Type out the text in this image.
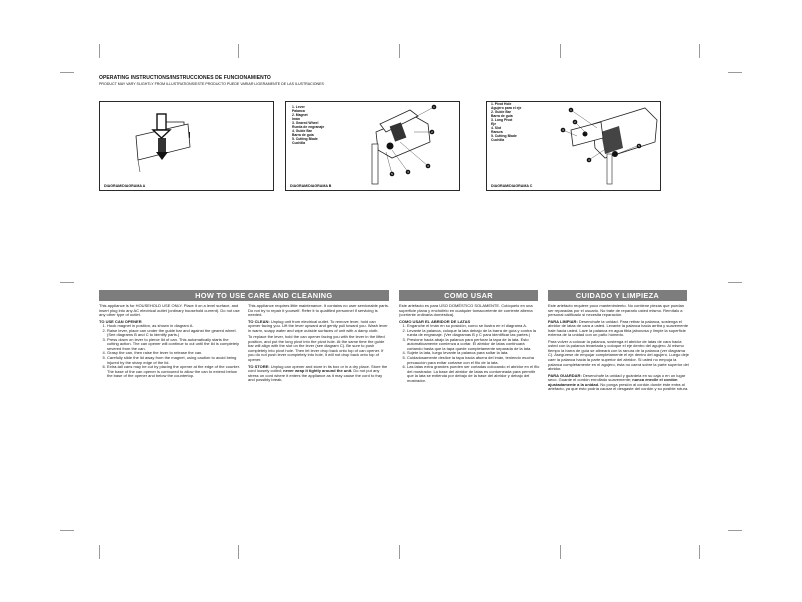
OPERATING INSTRUCTIONS/INSTRUCCIONES DE FUNCIONAMIENTO
PRODUCT MAY VARY SLIGHTLY FROM ILLUSTRATIONS/ESTE PRODUCTO PUEDE VARIAR LIGERAMENTE DE LAS ILUSTRACIONES
DIAGRAM/DIAGRAMA A
1. Lever
Palanca
2. Magnet
Imán
3. Geared Wheel
Rueda de engranaje
4. Guide Bar
Barra de guía
5. Cutting Blade
Cuchilla
1
2
3
4
5
DIAGRAM/DIAGRAMA B
1. Pivot Hole
Agujero para el eje
2. Guide Bar
Barra de guía
3. Long Pivot
Eje
4. Slot
Ranura
5. Cutting Blade
Cuchilla
1
2
3
4
5
DIAGRAM/DIAGRAMA C
HOW TO USE CARE AND CLEANING	COMO USAR	CUIDADO Y LIMPIEZA

This appliance is for HOUSEHOLD USE ONLY. Place it on a level surface, and insert plug into any AC electrical outlet (ordinary household current). Do not use any other type of outlet.

TO USE CAN OPENER
1. Hook magnet in position, as shown in diagram A.
2. Raise lever, place can under the guide bar and against the geared wheel. (See diagrams B and C to identify parts.)
3. Press down on lever to pierce lid of can. This automatically starts the cutting action. The can opener will continue to cut until the lid is completely severed from the can.
4. Grasp the can, then raise the lever to release the can.
5. Carefully slide the lid away from the magnet, using caution to avoid being injured by the sharp edge of the lid.
6. Extra-tall cans may be cut by placing the opener at the edge of the counter. The base of the can opener is contoured to allow the can to extend below the base of the opener and below the countertop.

This appliance requires little maintenance. It contains no user serviceable parts. Do not try to repair it yourself. Refer it to qualified personnel if servicing is needed.

TO CLEAN: Unplug unit from electrical outlet. To remove lever, hold can opener facing you. Lift the lever upward and gently pull toward you. Wash lever in warm, soapy water and wipe outside surfaces of unit with a damp cloth.

To replace the lever, hold the can opener facing you with the lever in the lifted position, and put the long pivot into the pivot hole. At the same time the guide bar will align with the slot on the lever (see diagram C). Be sure to push completely into pivot hole. Then let lever drop back onto top of can opener. If you do not push lever completely into hole, it will not drop back onto top of opener.

TO STORE: Unplug can opener and store in its box or in a dry place. Store the cord loosely coiled; never wrap it tightly around the unit. Do not put any stress on cord where it enters the appliance as it may cause the cord to fray and possibly break.

Este artefacto es para USO DOMÉSTICO SOLAMENTE. Colóquelo en una superficie plana y enchúfelo en cualquier tomacorriente de corriente alterna (corriente ordinaria doméstica).

COMO USAR EL ABRIDOR DE LATAS
1. Enganche el imán en su posición, como se ilustra en el diagrama A.
2. Levante la palanca, coloque la lata debajo de la barra de guía y contra la rueda de engranaje. (Ver diagramas B y C para identificar las partes.)
3. Presione hacia abajo la palanca para perforar la tapa de la lata. Esto automáticamente comienza a cortar. El abridor de latas continuará cortando hasta que la tapa quede completamente separada de la lata.
4. Sujete la lata, luego levante la palanca para soltar la lata.
5. Cuidadosamente deslice la tapa hacia afuera del imán, teniendo mucha precaución para evitar cortarse con el filo de la lata.
6. Las latas extra grandes pueden ser cortadas colocando el abridor en el filo del mostrador. La base del abridor de latas es contorneada para permitir que la lata se extienda por debajo de la base del abridor y debajo del mostrador.

Este artefacto requiere poco mantenimiento. No contiene piezas que puedan ser reparadas por el usuario. No trate de repararlo usted mismo. Remítalo a personal calificado si necesita reparación.

PARA LIMPIAR: Desenchufe la unidad. Para retirar la palanca, sostenga el abridor de latas de cara a usted. Levante la palanca hacia arriba y suavemente hale hacia usted. Lave la palanca en agua tibia jabonosa y limpie la superficie externa de la unidad con un paño húmedo.

Para volver a colocar la palanca, sostenga el abridor de latas de cara hacia usted con la palanca levantada y coloque el eje dentro del agujero. Al mismo tiempo la barra de guía se alineará con la ranura de la palanca (ver diagrama C). Asegúrese de empujar completamente el eje dentro del agujero. Luego deje caer la palanca hacia la parte superior del abridor. Si usted no empuja la palanca completamente en el agujero, ésta no caerá sobre la parte superior del abridor.

PARA GUARDAR: Desenchufe la unidad y guárdela en su caja o en un lugar seco. Guarde el cordón enrollado suavemente; nunca enrolle el cordón ajustadamente a la unidad. No ponga presión al cordón donde éste entra al artefacto, ya que ésto podría causar el desgaste del cordón y su posible rotura.
